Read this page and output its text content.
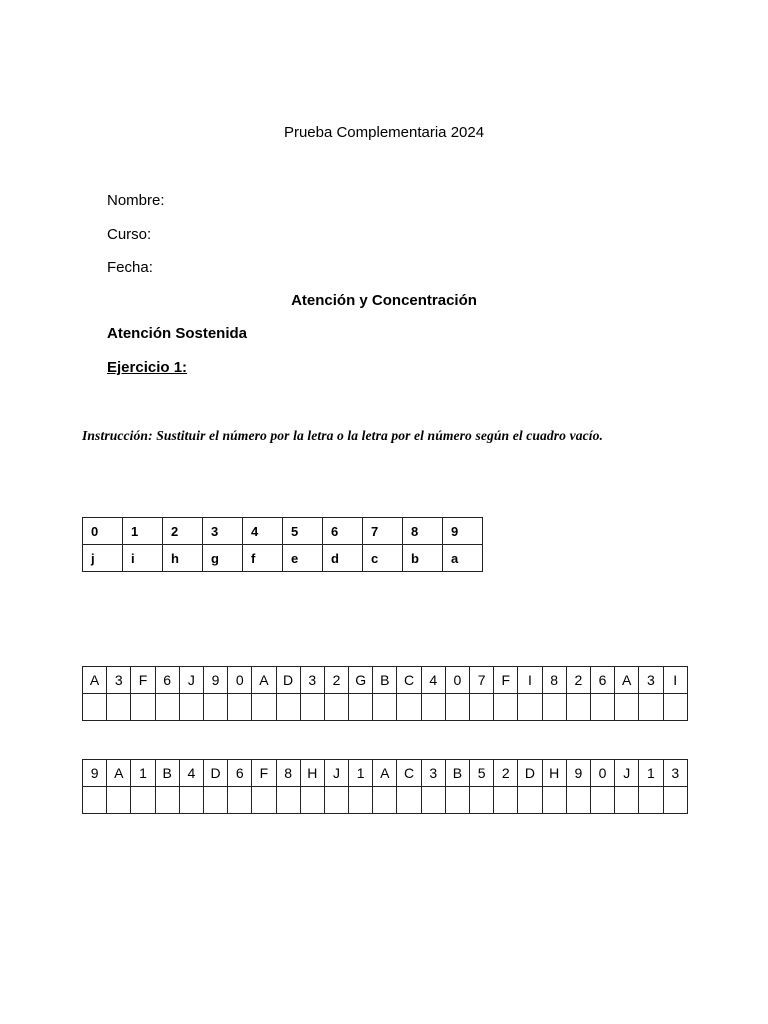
Prueba Complementaria 2024
Nombre:
Curso:
Fecha:
Atención y Concentración
Atención Sostenida
Ejercicio 1:
Instrucción: Sustituir el número por la letra o la letra por el número según el cuadro vacío.
0	1	2	3	4	5	6	7	8	9
j	i	h	g	f	e	d	c	b	a
A	3	F	6	J	9	0	A	D	3	2	G	B	C	4	0	7	F	I	8	2	6	A	3	I

9	A	1	B	4	D	6	F	8	H	J	1	A	C	3	B	5	2	D	H	9	0	J	1	3
